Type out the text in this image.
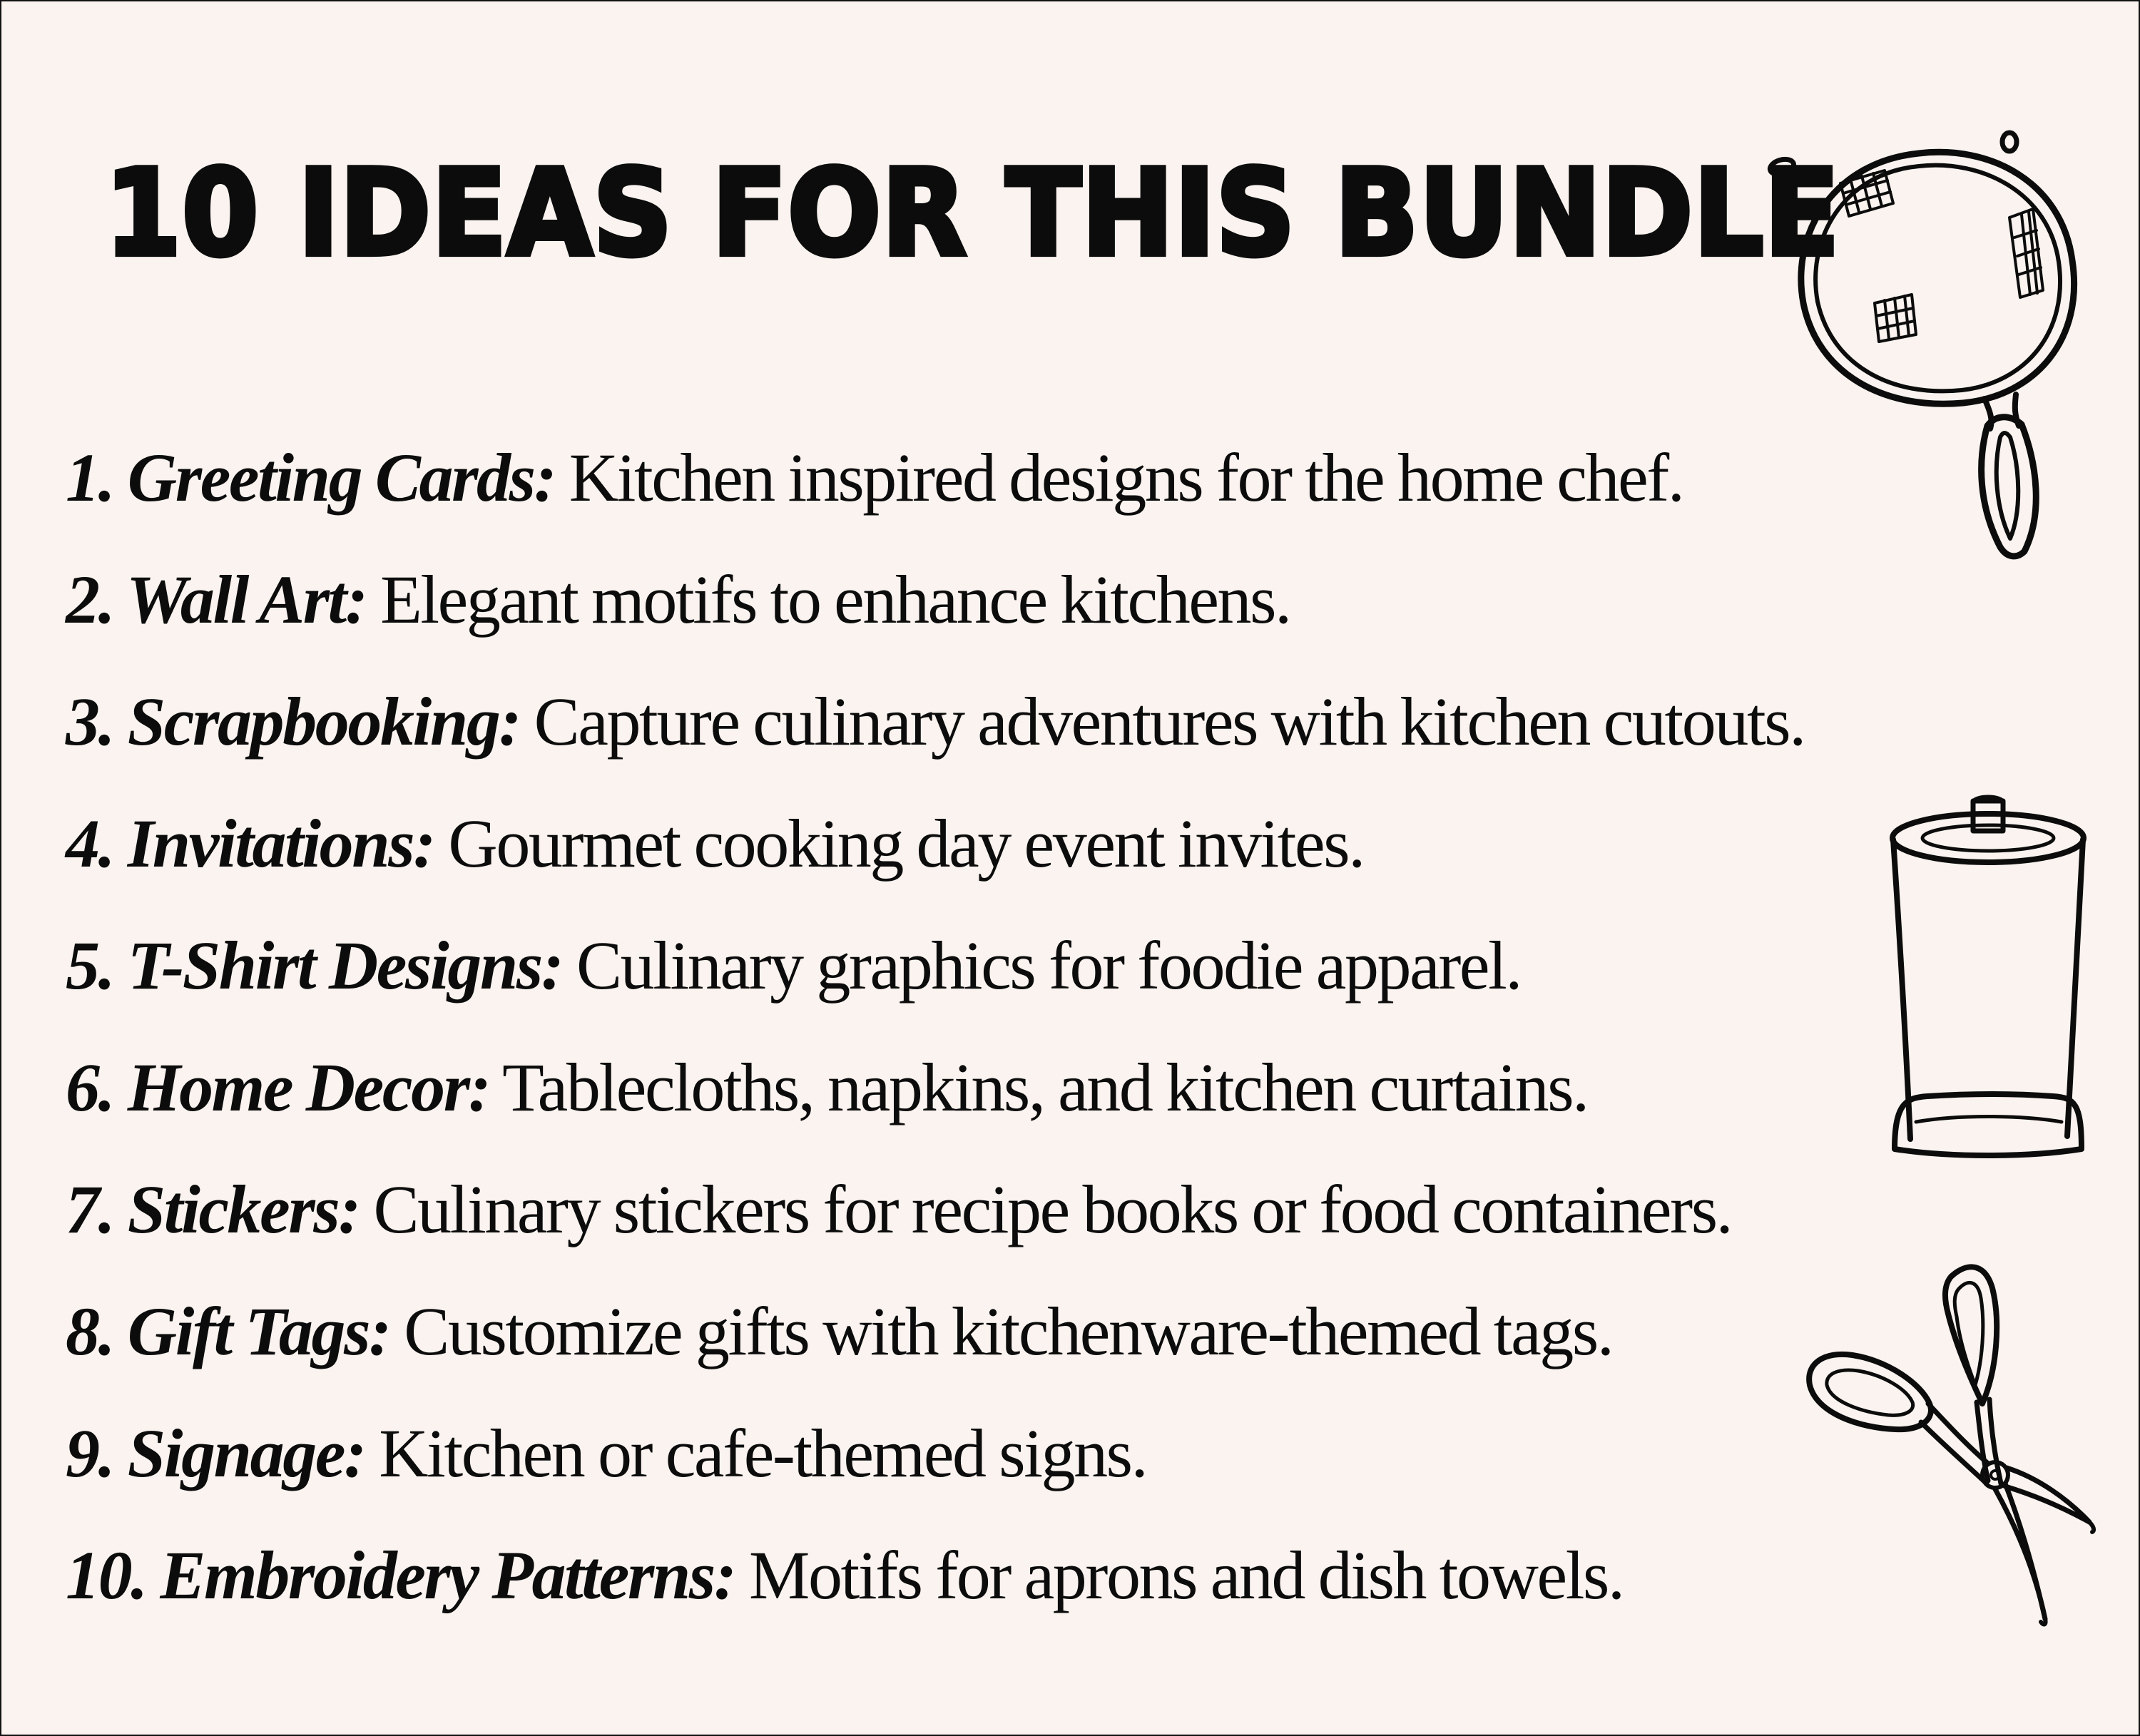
10 IDEAS FOR THIS BUNDLE
1. Greeting Cards: Kitchen inspired designs for the home chef.
2. Wall Art: Elegant motifs to enhance kitchens.
3. Scrapbooking: Capture culinary adventures with kitchen cutouts.
4. Invitations: Gourmet cooking day event invites.
5. T-Shirt Designs: Culinary graphics for foodie apparel.
6. Home Decor: Tablecloths, napkins, and kitchen curtains.
7. Stickers: Culinary stickers for recipe books or food containers.
8. Gift Tags: Customize gifts with kitchenware-themed tags.
9. Signage: Kitchen or cafe-themed signs.
10. Embroidery Patterns: Motifs for aprons and dish towels.
